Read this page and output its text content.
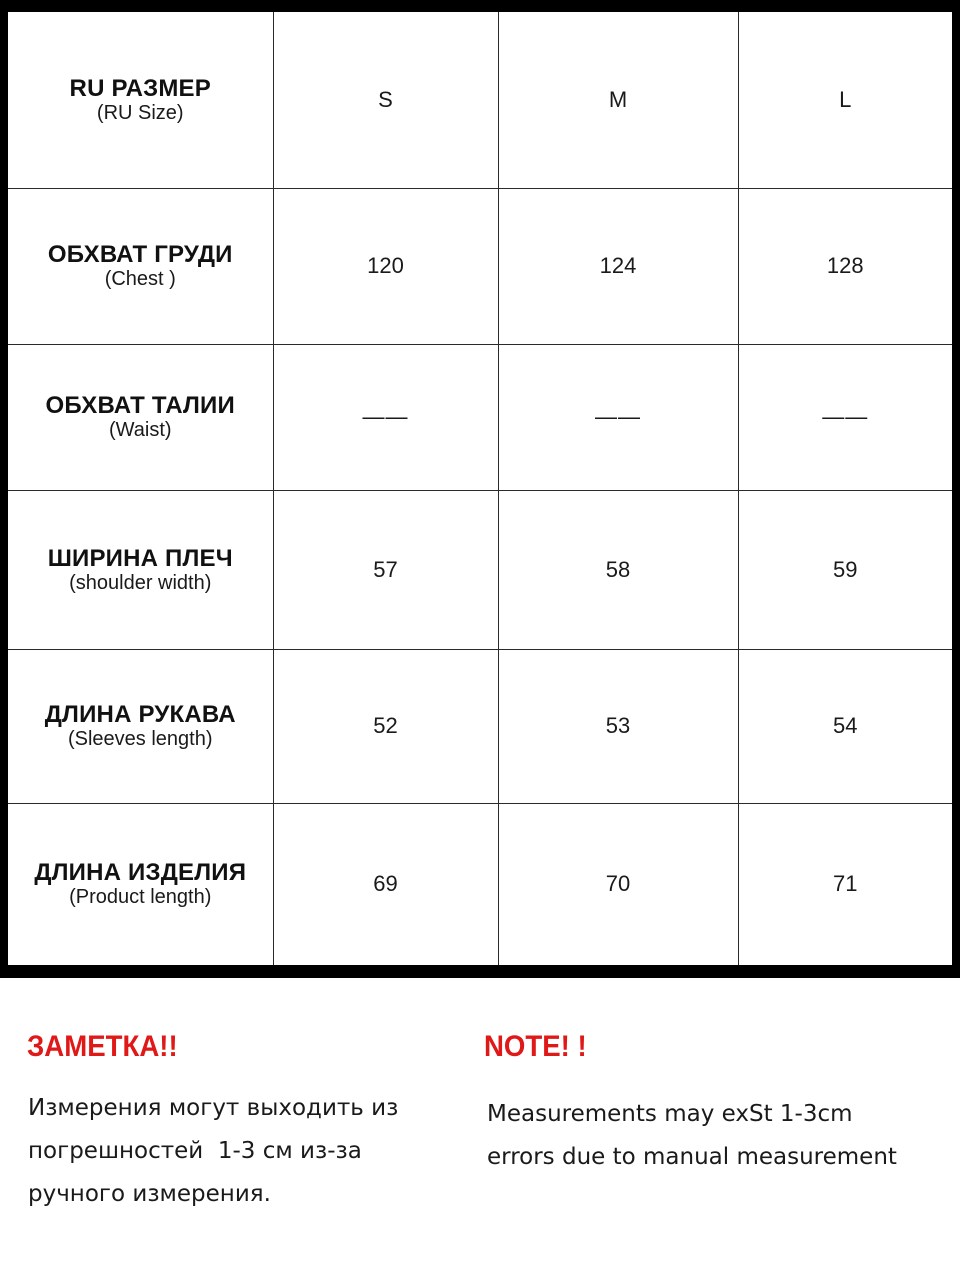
RU РАЗМЕР
(RU Size)	S	M	L

ОБХВАТ ГРУДИ
(Chest )	120	124	128

ОБХВАТ ТАЛИИ
(Waist)	——	——	——

ШИРИНА ПЛЕЧ
(shoulder width)	57	58	59

ДЛИНА РУКАВА
(Sleeves length)	52	53	54

ДЛИНА ИЗДЕЛИЯ
(Product length)	69	70	71
ЗАМЕТКА!!	NOTE! !

Измерения могут выходить из
погрешностей  1-3 см из-за
ручного измерения.

Measurements may exSt 1-3cm
errors due to manual measurement
